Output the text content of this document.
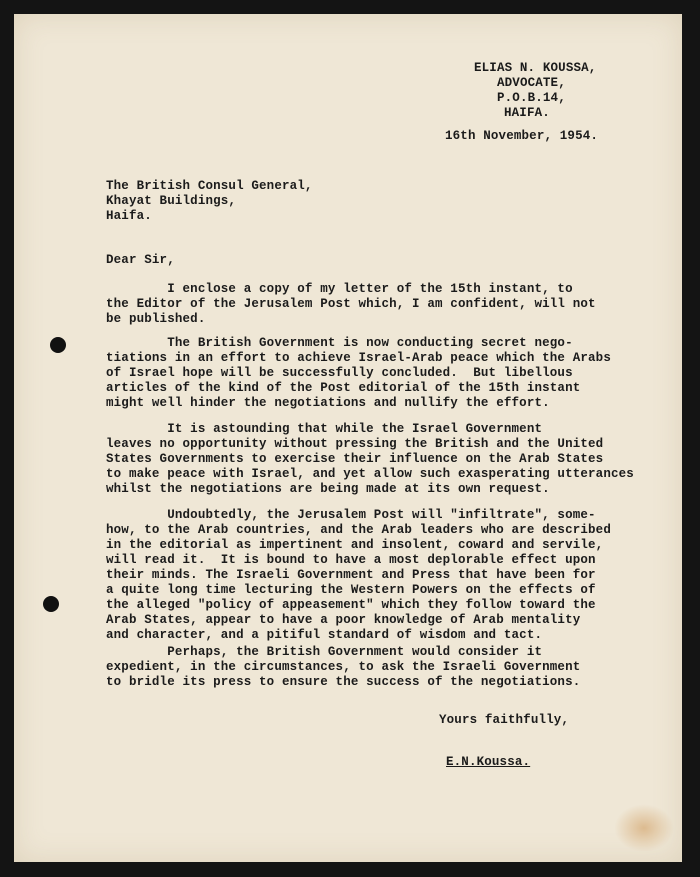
ELIAS N. KOUSSA,
ADVOCATE,
P.O.B.14,
HAIFA.

16th November, 1954.

The British Consul General,
Khayat Buildings,
Haifa.

Dear Sir,

I enclose a copy of my letter of the 15th instant, to
the Editor of the Jerusalem Post which, I am confident, will not
be published.

The British Government is now conducting secret nego-
tiations in an effort to achieve Israel-Arab peace which the Arabs
of Israel hope will be successfully concluded.  But libellous
articles of the kind of the Post editorial of the 15th instant
might well hinder the negotiations and nullify the effort.

It is astounding that while the Israel Government
leaves no opportunity without pressing the British and the United
States Governments to exercise their influence on the Arab States
to make peace with Israel, and yet allow such exasperating utterances
whilst the negotiations are being made at its own request.

Undoubtedly, the Jerusalem Post will "infiltrate", some-
how, to the Arab countries, and the Arab leaders who are described
in the editorial as impertinent and insolent, coward and servile,
will read it.  It is bound to have a most deplorable effect upon
their minds. The Israeli Government and Press that have been for
a quite long time lecturing the Western Powers on the effects of
the alleged "policy of appeasement" which they follow toward the
Arab States, appear to have a poor knowledge of Arab mentality
and character, and a pitiful standard of wisdom and tact.

Perhaps, the British Government would consider it
expedient, in the circumstances, to ask the Israeli Government
to bridle its press to ensure the success of the negotiations.

Yours faithfully,

E.N.Koussa.
